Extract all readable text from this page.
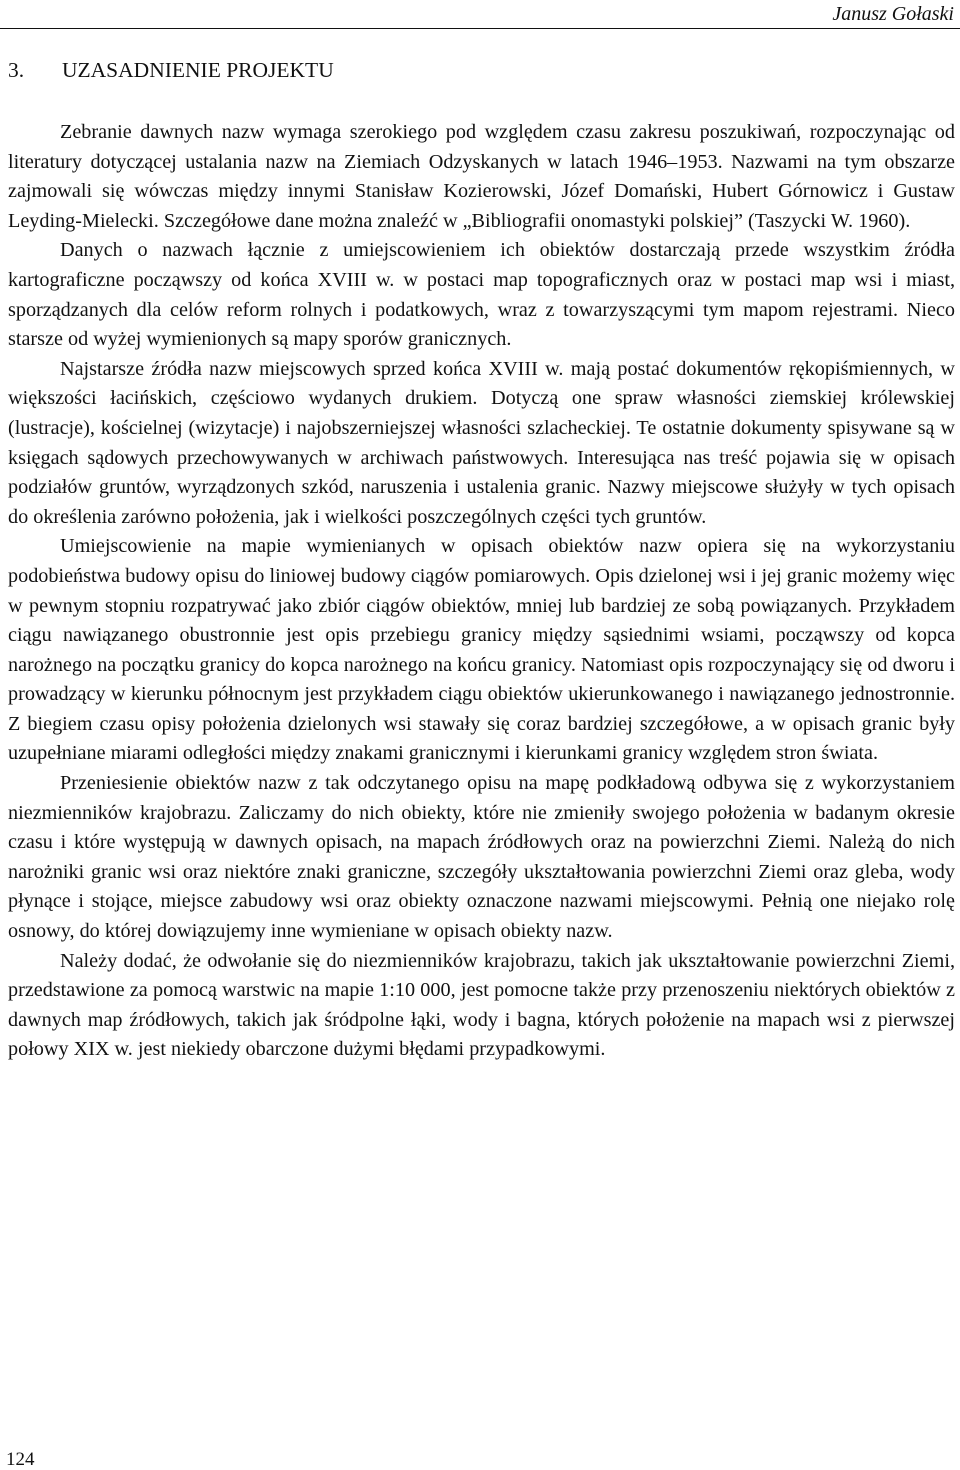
Janusz Gołaski
3. UZASADNIENIE PROJEKTU

Zebranie dawnych nazw wymaga szerokiego pod względem czasu zakresu poszukiwań, rozpoczynając od literatury dotyczącej ustalania nazw na Ziemiach Odzyskanych w latach 1946–1953. Nazwami na tym obszarze zajmowali się wówczas między innymi Stanisław Kozierowski, Józef Domański, Hubert Górnowicz i Gustaw Leyding-Mielecki. Szczegółowe dane można znaleźć w „Bibliografii onomastyki polskiej” (Taszycki W. 1960).

Danych o nazwach łącznie z umiejscowieniem ich obiektów dostarczają przede wszystkim źródła kartograficzne począwszy od końca XVIII w. w postaci map topograficznych oraz w postaci map wsi i miast, sporządzanych dla celów reform rolnych i podatkowych, wraz z towarzyszącymi tym mapom rejestrami. Nieco starsze od wyżej wymienionych są mapy sporów granicznych.

Najstarsze źródła nazw miejscowych sprzed końca XVIII w. mają postać dokumentów rękopiśmiennych, w większości łacińskich, częściowo wydanych drukiem. Dotyczą one spraw własności ziemskiej królewskiej (lustracje), kościelnej (wizytacje) i najobszerniejszej własności szlacheckiej. Te ostatnie dokumenty spisywane są w księgach sądowych przechowywanych w archiwach państwowych. Interesująca nas treść pojawia się w opisach podziałów gruntów, wyrządzonych szkód, naruszenia i ustalenia granic. Nazwy miejscowe służyły w tych opisach do określenia zarówno położenia, jak i wielkości poszczególnych części tych gruntów.

Umiejscowienie na mapie wymienianych w opisach obiektów nazw opiera się na wykorzystaniu podobieństwa budowy opisu do liniowej budowy ciągów pomiarowych. Opis dzielonej wsi i jej granic możemy więc w pewnym stopniu rozpatrywać jako zbiór ciągów obiektów, mniej lub bardziej ze sobą powiązanych. Przykładem ciągu nawiązanego obustronnie jest opis przebiegu granicy między sąsiednimi wsiami, począwszy od kopca narożnego na początku granicy do kopca narożnego na końcu granicy. Natomiast opis rozpoczynający się od dworu i prowadzący w kierunku północnym jest przykładem ciągu obiektów ukierunkowanego i nawiązanego jednostronnie. Z biegiem czasu opisy położenia dzielonych wsi stawały się coraz bardziej szczegółowe, a w opisach granic były uzupełniane miarami odległości między znakami granicznymi i kierunkami granicy względem stron świata.

Przeniesienie obiektów nazw z tak odczytanego opisu na mapę podkładową odbywa się z wykorzystaniem niezmienników krajobrazu. Zaliczamy do nich obiekty, które nie zmieniły swojego położenia w badanym okresie czasu i które występują w dawnych opisach, na mapach źródłowych oraz na powierzchni Ziemi. Należą do nich narożniki granic wsi oraz niektóre znaki graniczne, szczegóły ukształtowania powierzchni Ziemi oraz gleba, wody płynące i stojące, miejsce zabudowy wsi oraz obiekty oznaczone nazwami miejscowymi. Pełnią one niejako rolę osnowy, do której dowiązujemy inne wymieniane w opisach obiekty nazw.

Należy dodać, że odwołanie się do niezmienników krajobrazu, takich jak ukształtowanie powierzchni Ziemi, przedstawione za pomocą warstwic na mapie 1:10 000, jest pomocne także przy przenoszeniu niektórych obiektów z dawnych map źródłowych, takich jak śródpolne łąki, wody i bagna, których położenie na mapach wsi z pierwszej połowy XIX w. jest niekiedy obarczone dużymi błędami przypadkowymi.

124
